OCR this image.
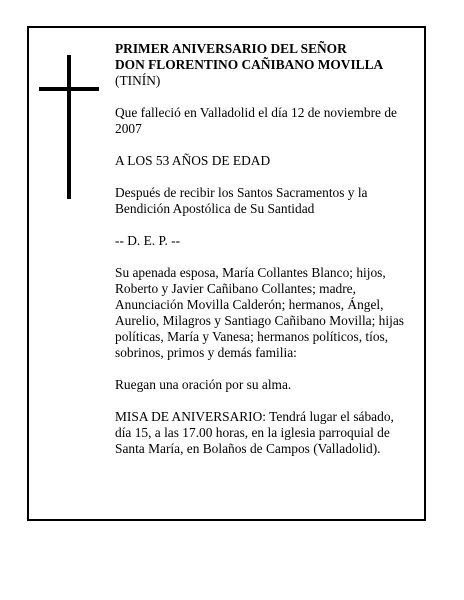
PRIMER ANIVERSARIO DEL SEÑOR
DON FLORENTINO CAÑIBANO MOVILLA
(TINÍN)

Que falleció en Valladolid el día 12 de noviembre de 2007

A LOS 53 AÑOS DE EDAD

Después de recibir los Santos Sacramentos y la Bendición Apostólica de Su Santidad

-- D. E. P. --

Su apenada esposa, María Collantes Blanco; hijos, Roberto y Javier Cañibano Collantes; madre, Anunciación Movilla Calderón; hermanos, Ángel, Aurelio, Milagros y Santiago Cañibano Movilla; hijas políticas, María y Vanesa; hermanos políticos, tíos, sobrinos, primos y demás familia:

Ruegan una oración por su alma.

MISA DE ANIVERSARIO: Tendrá lugar el sábado, día 15, a las 17.00 horas, en la iglesia parroquial de Santa María, en Bolaños de Campos (Valladolid).
